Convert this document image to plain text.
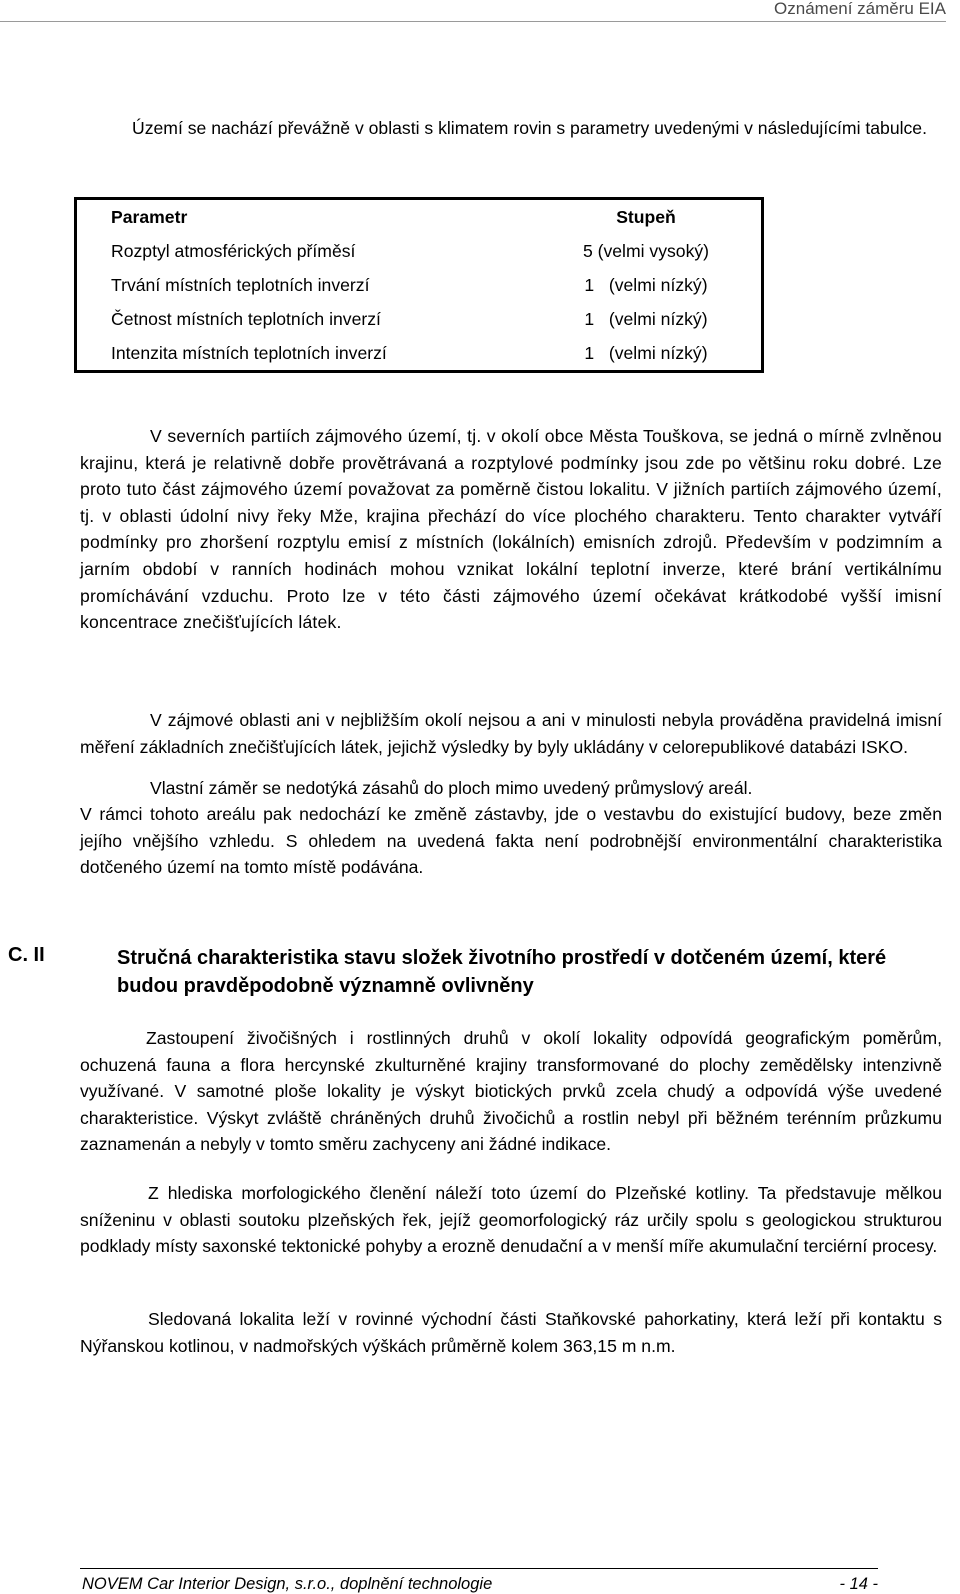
Oznámení záměru EIA

Území se nachází převážně v oblasti s klimatem rovin s parametry uvedenými v následujícími tabulce.

Parametr	Stupeň
Rozptyl atmosférických příměsí	5 (velmi vysoký)
Trvání místních teplotních inverzí	1   (velmi nízký)
Četnost místních teplotních inverzí	1   (velmi nízký)
Intenzita místních teplotních inverzí	1   (velmi nízký)

V severních partiích zájmového území, tj. v okolí obce Města Touškova, se jedná o mírně zvlněnou krajinu, která je relativně dobře provětrávaná a rozptylové podmínky jsou zde po většinu roku dobré. Lze proto tuto část zájmového území považovat za poměrně čistou lokalitu. V jižních partiích zájmového území, tj. v oblasti údolní nivy řeky Mže, krajina přechází do více plochého charakteru. Tento charakter vytváří podmínky pro zhoršení rozptylu emisí z místních (lokálních) emisních zdrojů. Především v podzimním a jarním období v ranních hodinách mohou vznikat lokální teplotní inverze, které brání vertikálnímu promíchávání vzduchu. Proto lze v této části zájmového území očekávat krátkodobé vyšší imisní koncentrace znečišťujících látek.

V zájmové oblasti ani v nejbližším okolí nejsou a ani v minulosti nebyla prováděna pravidelná imisní měření základních znečišťujících látek, jejichž výsledky by byly ukládány v celorepublikové databázi ISKO.

Vlastní záměr se nedotýká zásahů do ploch mimo uvedený průmyslový areál.

V rámci tohoto areálu pak nedochází ke změně zástavby, jde o vestavbu do existující budovy, beze změn jejího vnějšího vzhledu. S ohledem na uvedená fakta není podrobnější environmentální charakteristika dotčeného území na tomto místě podávána.

C. II	Stručná charakteristika stavu složek životního prostředí v dotčeném území, které budou pravděpodobně významně ovlivněny

Zastoupení živočišných i rostlinných druhů v okolí lokality odpovídá geografickým poměrům, ochuzená fauna a flora hercynské zkulturněné krajiny transformované do plochy zemědělsky intenzivně využívané. V samotné ploše lokality je výskyt biotických prvků zcela chudý a odpovídá výše uvedené charakteristice. Výskyt zvláště chráněných druhů živočichů a rostlin nebyl při běžném terénním průzkumu zaznamenán a nebyly v tomto směru zachyceny ani žádné indikace.

Z hlediska morfologického členění náleží toto území do Plzeňské kotliny. Ta představuje mělkou sníženinu v oblasti soutoku plzeňských řek, jejíž geomorfologický ráz určily spolu s geologickou strukturou podklady místy saxonské tektonické pohyby a erozně denudační a v menší míře akumulační terciérní procesy.

Sledovaná lokalita leží v rovinné východní části Staňkovské pahorkatiny, která leží při kontaktu s Nýřanskou kotlinou, v nadmořských výškách průměrně kolem 363,15 m n.m.

NOVEM Car Interior Design, s.r.o., doplnění technologie	- 14 -
